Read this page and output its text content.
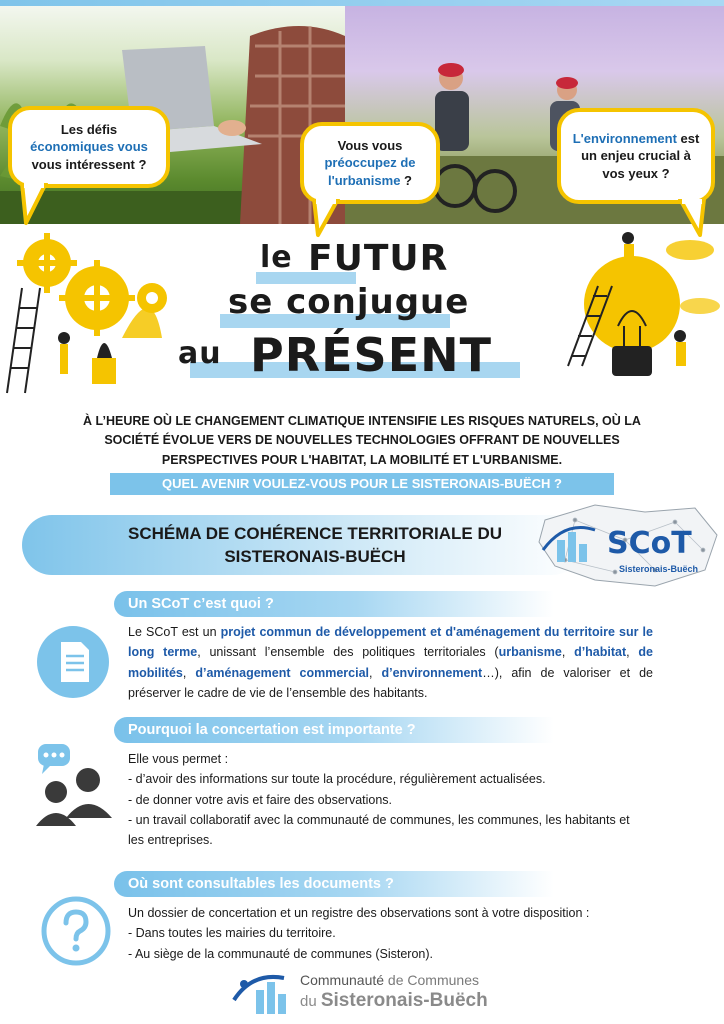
Les défis
économiques vous
vous intéressent ?
Vous vous
préoccupez de
l'urbanisme ?
L'environnement est
un enjeu crucial à
vos yeux ?
le FUTUR
se conjugue
au PRÉSENT
À L’HEURE OÙ LE CHANGEMENT CLIMATIQUE INTENSIFIE LES RISQUES NATURELS, OÙ LA
SOCIÉTÉ ÉVOLUE VERS DE NOUVELLES TECHNOLOGIES OFFRANT DE NOUVELLES
PERSPECTIVES POUR L'HABITAT, LA MOBILITÉ ET L'URBANISME.
QUEL AVENIR VOULEZ-VOUS POUR LE SISTERONAIS-BUËCH ?
SCHÉMA DE COHÉRENCE TERRITORIALE DU
SISTERONAIS-BUËCH	SCoT
Sisteronais-Buëch
Un SCoT c’est quoi ?
Le SCoT est un projet commun de développement et d'aménagement du territoire sur le long terme, unissant l’ensemble des politiques territoriales (urbanisme, d’habitat, de mobilités, d’aménagement commercial, d’environnement…), afin de valoriser et de préserver le cadre de vie de l’ensemble des habitants.
Pourquoi la concertation est importante ?
Elle vous permet :
- d’avoir des informations sur toute la procédure, régulièrement actualisées.
- de donner votre avis et faire des observations.
- un travail collaboratif avec la communauté de communes, les communes, les habitants et
les entreprises.
Où sont consultables les documents ?
Un dossier de concertation et un registre des observations sont à votre disposition :
- Dans toutes les mairies du territoire.
- Au siège de la communauté de communes (Sisteron).
Communauté de Communes
du Sisteronais-Buëch
